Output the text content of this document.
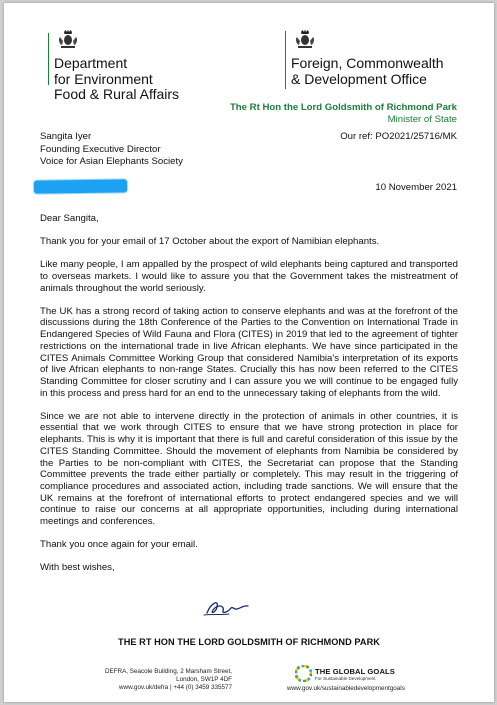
Department
for Environment
Food & Rural Affairs
Foreign, Commonwealth
& Development Office
The Rt Hon the Lord Goldsmith of Richmond Park
Minister of State
Sangita Iyer
Founding Executive Director
Voice for Asian Elephants Society
Our ref: PO2021/25716/MK
10 November 2021

Dear Sangita,

Thank you for your email of 17 October about the export of Namibian elephants.

Like many people, I am appalled by the prospect of wild elephants being captured and transported to overseas markets. I would like to assure you that the Government takes the mistreatment of animals throughout the world seriously.

The UK has a strong record of taking action to conserve elephants and was at the forefront of the discussions during the 18th Conference of the Parties to the Convention on International Trade in Endangered Species of Wild Fauna and Flora (CITES) in 2019 that led to the agreement of tighter restrictions on the international trade in live African elephants. We have since participated in the CITES Animals Committee Working Group that considered Namibia's interpretation of its exports of live African elephants to non-range States. Crucially this has now been referred to the CITES Standing Committee for closer scrutiny and I can assure you we will continue to be engaged fully in this process and press hard for an end to the unnecessary taking of elephants from the wild.

Since we are not able to intervene directly in the protection of animals in other countries, it is essential that we work through CITES to ensure that we have strong protection in place for elephants. This is why it is important that there is full and careful consideration of this issue by the CITES Standing Committee. Should the movement of elephants from Namibia be considered by the Parties to be non-compliant with CITES, the Secretariat can propose that the Standing Committee prevents the trade either partially or completely. This may result in the triggering of compliance procedures and associated action, including trade sanctions. We will ensure that the UK remains at the forefront of international efforts to protect endangered species and we will continue to raise our concerns at all appropriate opportunities, including during international meetings and conferences.

Thank you once again for your email.

With best wishes,

THE RT HON THE LORD GOLDSMITH OF RICHMOND PARK
DEFRA, Seacole Building, 2 Marsham Street,
London, SW1P 4DF
www.gov.uk/defra | +44 (0) 3459 335577
THE GLOBAL GOALS
For Sustainable Development
www.gov.uk/sustainabledevelopmentgoals
